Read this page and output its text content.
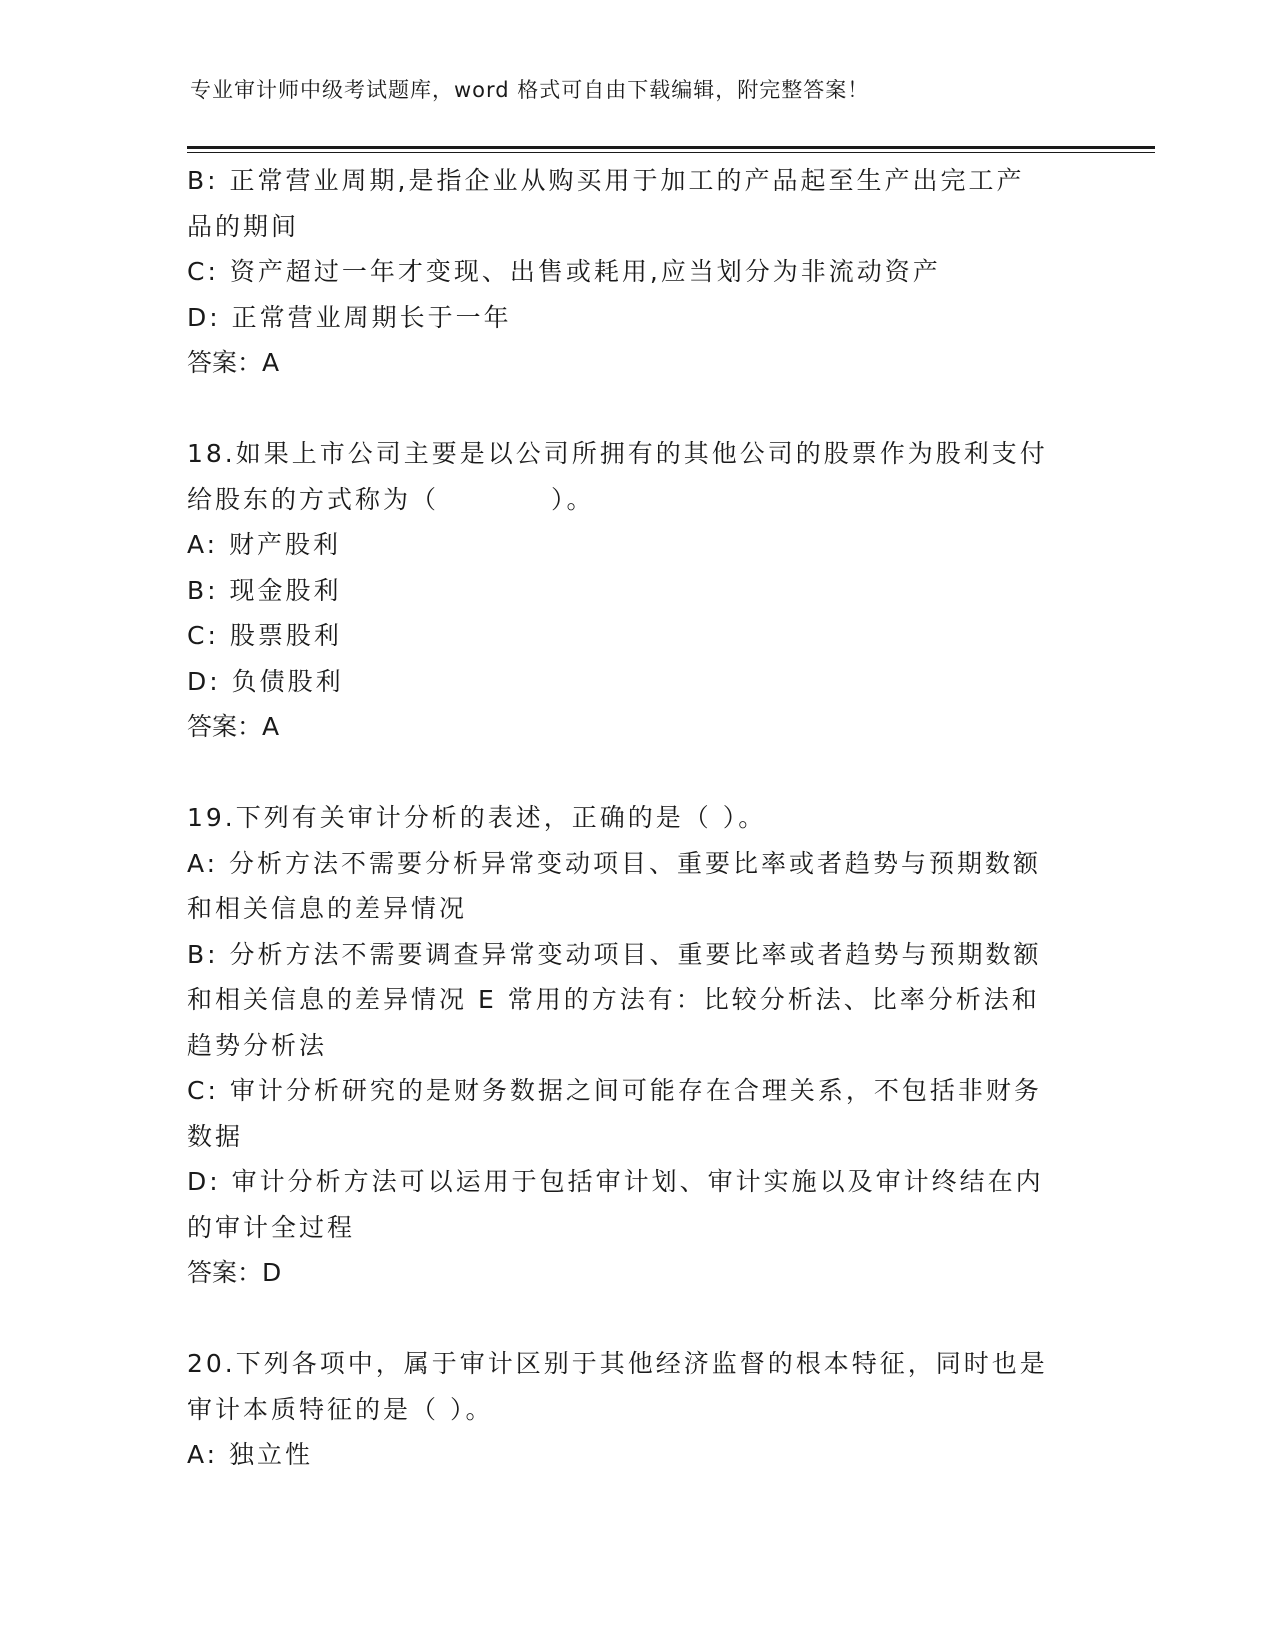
专业审计师中级考试题库，word 格式可自由下载编辑，附完整答案！
B: 正常营业周期,是指企业从购买用于加工的产品起至生产出完工产
品的期间
C: 资产超过一年才变现、出售或耗用,应当划分为非流动资产
D: 正常营业周期长于一年
答案：A
18.如果上市公司主要是以公司所拥有的其他公司的股票作为股利支付
给股东的方式称为（　　　　）。
A: 财产股利
B: 现金股利
C: 股票股利
D: 负债股利
答案：A
19.下列有关审计分析的表述，正确的是（ ）。
A: 分析方法不需要分析异常变动项目、重要比率或者趋势与预期数额
和相关信息的差异情况
B: 分析方法不需要调查异常变动项目、重要比率或者趋势与预期数额
和相关信息的差异情况 E 常用的方法有：比较分析法、比率分析法和
趋势分析法
C: 审计分析研究的是财务数据之间可能存在合理关系，不包括非财务
数据
D: 审计分析方法可以运用于包括审计划、审计实施以及审计终结在内
的审计全过程
答案：D
20.下列各项中，属于审计区别于其他经济监督的根本特征，同时也是
审计本质特征的是（ ）。
A: 独立性
